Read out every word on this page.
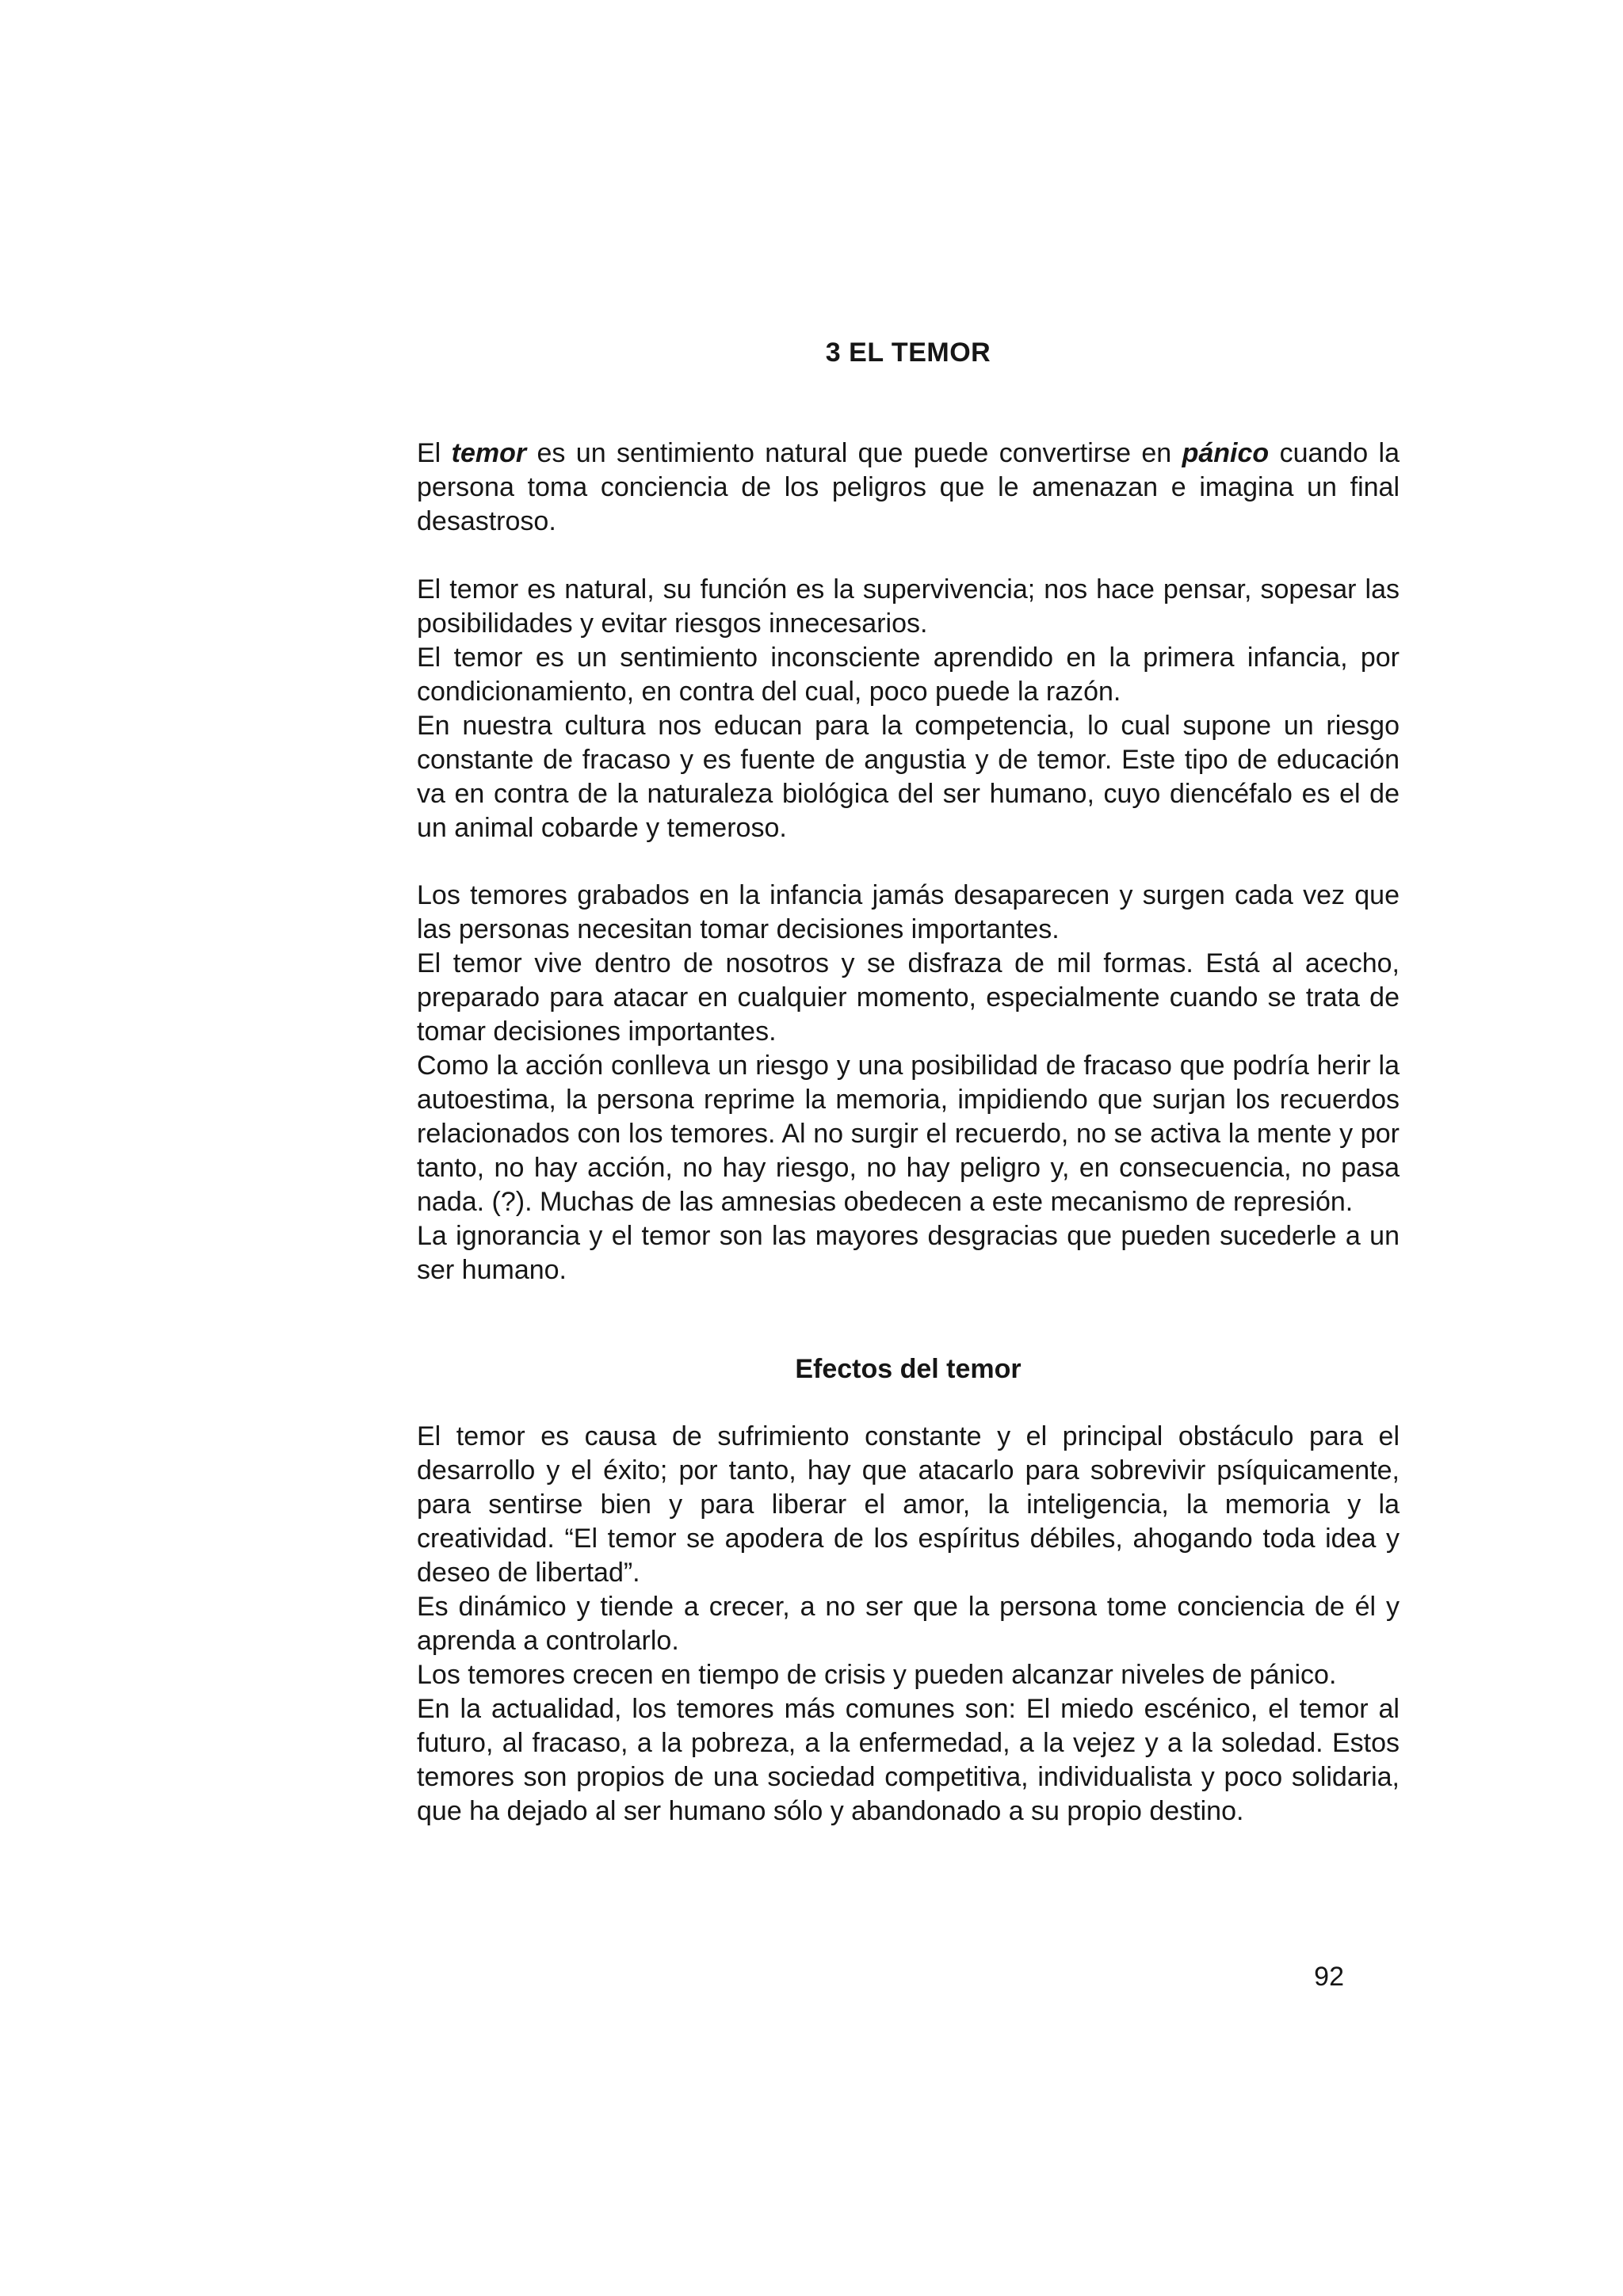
3 EL TEMOR

El temor es un sentimiento natural que puede convertirse en pánico cuando la persona toma conciencia de los peligros que le amenazan e imagina un final desastroso.

El temor es natural, su función es la supervivencia; nos hace pensar, sopesar las posibilidades y evitar riesgos innecesarios.

El temor es un sentimiento inconsciente aprendido en la primera infancia, por condicionamiento, en contra del cual, poco puede la razón.

En nuestra cultura nos educan para la competencia, lo cual supone un riesgo constante de fracaso y es fuente de angustia y de temor. Este tipo de educación va en contra de la naturaleza biológica del ser humano, cuyo diencéfalo es el de un animal cobarde y temeroso.

Los temores grabados en la infancia jamás desaparecen y surgen cada vez que las personas necesitan tomar decisiones importantes.

El temor vive dentro de nosotros y se disfraza de mil formas. Está al acecho, preparado para atacar en cualquier momento, especialmente cuando se trata de tomar decisiones importantes.

Como la acción conlleva un riesgo y una posibilidad de fracaso que podría herir la autoestima, la persona reprime la memoria, impidiendo que surjan los recuerdos relacionados con los temores. Al no surgir el recuerdo, no se activa la mente y por tanto, no hay acción, no hay riesgo, no hay peligro y, en consecuencia, no pasa nada. (?). Muchas de las amnesias obedecen a este mecanismo de represión.

La ignorancia y el temor son las mayores desgracias que pueden sucederle a un ser humano.

Efectos del temor

El temor es causa de sufrimiento constante y el principal obstáculo para el desarrollo y el éxito; por tanto, hay que atacarlo para sobrevivir psíquicamente, para sentirse bien y para liberar el amor, la inteligencia, la memoria y la creatividad. “El temor se apodera de los espíritus débiles, ahogando toda idea y deseo de libertad”.

Es dinámico y tiende a crecer, a no ser que la persona tome conciencia de él y aprenda a controlarlo.

Los temores crecen en tiempo de crisis y pueden alcanzar niveles de pánico.

En la actualidad, los temores más comunes son: El miedo escénico, el temor al futuro, al fracaso, a la pobreza, a la enfermedad, a la vejez y a la soledad. Estos temores son propios de una sociedad competitiva, individualista y poco solidaria, que ha dejado al ser humano sólo y abandonado a su propio destino.

92
